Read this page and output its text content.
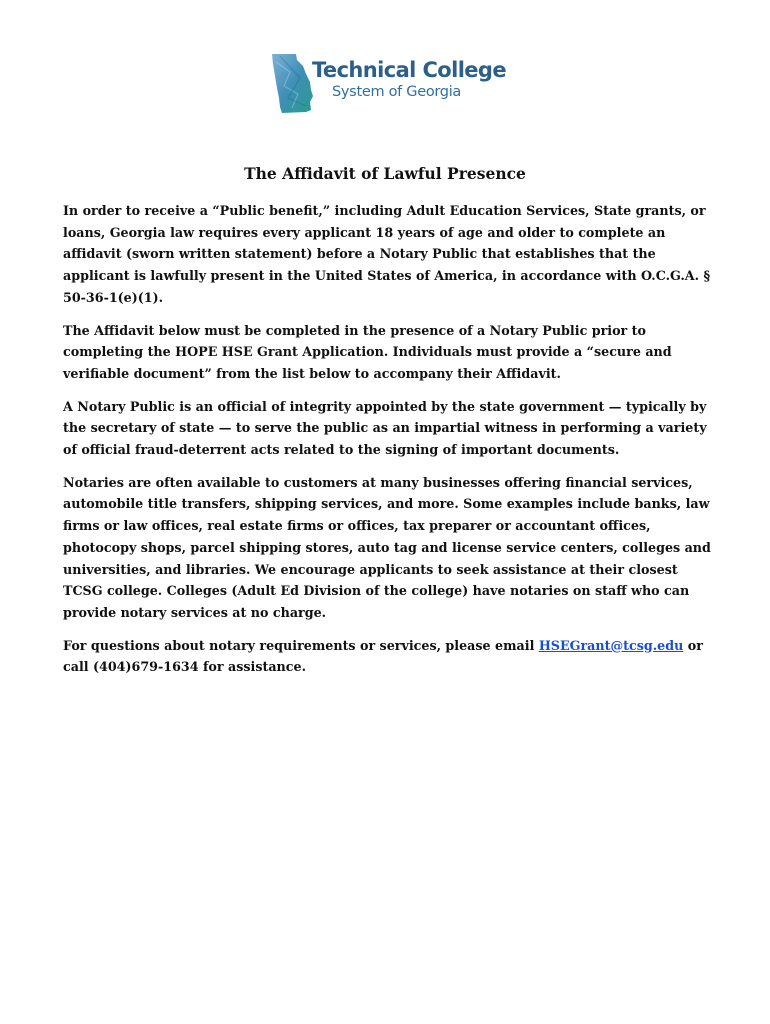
Technical College
System of Georgia
The Affidavit of Lawful Presence

In order to receive a “Public benefit,” including Adult Education Services, State grants, or loans, Georgia law requires every applicant 18 years of age and older to complete an affidavit (sworn written statement) before a Notary Public that establishes that the applicant is lawfully present in the United States of America, in accordance with O.C.G.A. § 50-36-1(e)(1).

The Affidavit below must be completed in the presence of a Notary Public prior to completing the HOPE HSE Grant Application. Individuals must provide a “secure and verifiable document” from the list below to accompany their Affidavit.

A Notary Public is an official of integrity appointed by the state government — typically by the secretary of state — to serve the public as an impartial witness in performing a variety of official fraud-deterrent acts related to the signing of important documents.

Notaries are often available to customers at many businesses offering financial services, automobile title transfers, shipping services, and more. Some examples include banks, law firms or law offices, real estate firms or offices, tax preparer or accountant offices, photocopy shops, parcel shipping stores, auto tag and license service centers, colleges and universities, and libraries. We encourage applicants to seek assistance at their closest TCSG college. Colleges (Adult Ed Division of the college) have notaries on staff who can provide notary services at no charge.

For questions about notary requirements or services, please email HSEGrant@tcsg.edu or call (404)679-1634 for assistance.
